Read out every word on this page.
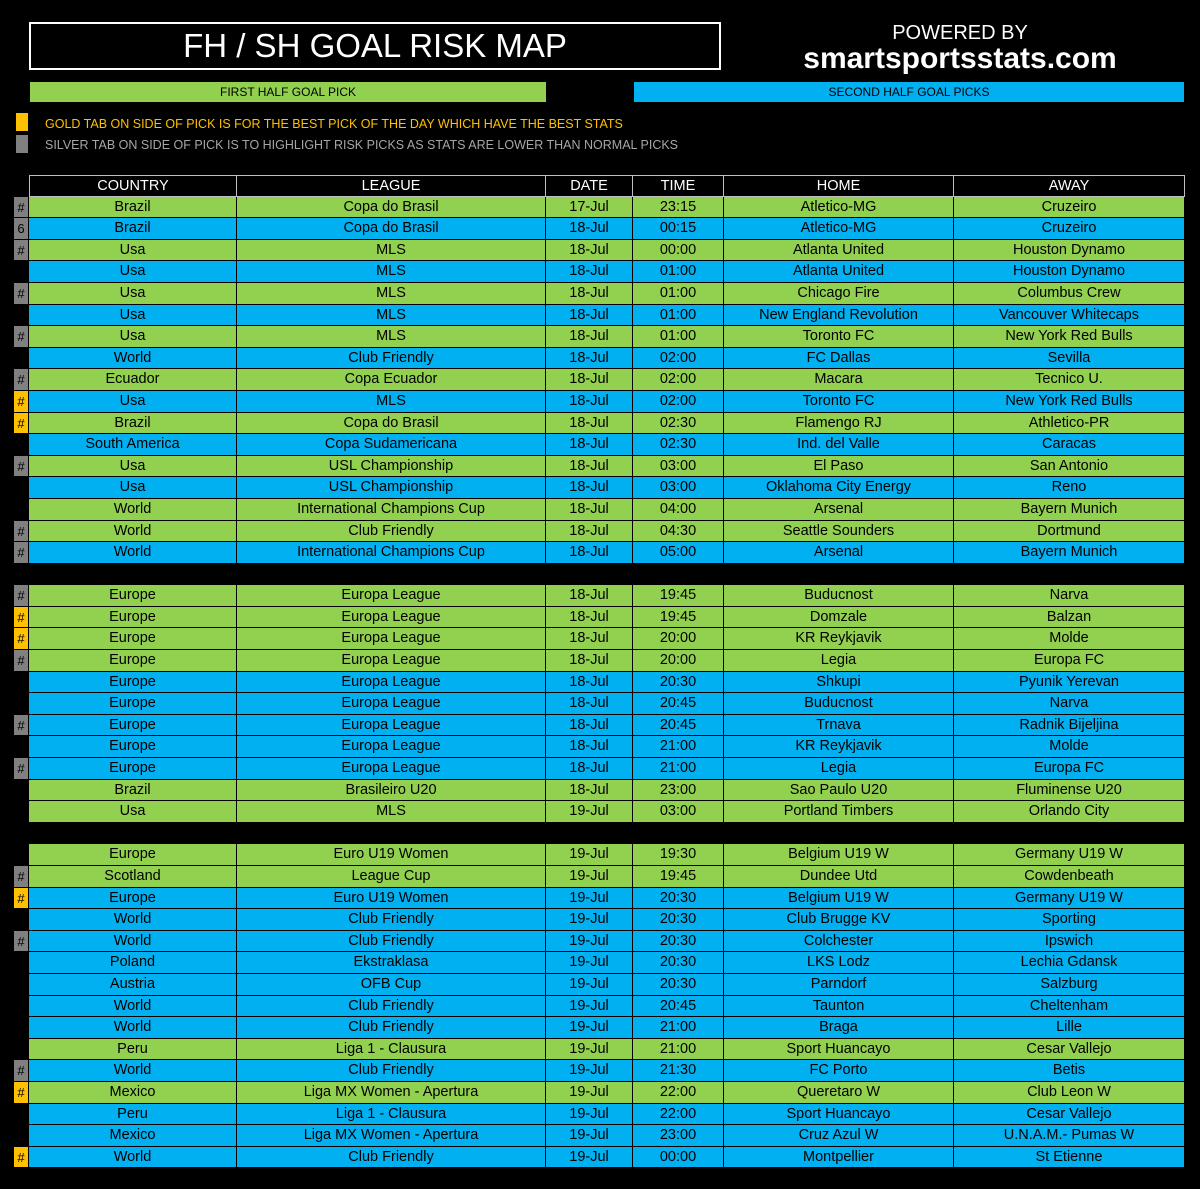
FH / SH GOAL RISK MAP	POWERED BY
smartsportsstats.com
FIRST HALF GOAL PICK	SECOND HALF GOAL PICKS
GOLD TAB ON SIDE OF PICK IS FOR THE BEST PICK OF THE DAY WHICH HAVE THE BEST STATS
SILVER TAB ON SIDE OF PICK IS TO HIGHLIGHT RISK PICKS AS STATS ARE LOWER THAN NORMAL PICKS
COUNTRY	LEAGUE	DATE	TIME	HOME	AWAY
#	Brazil	Copa do Brasil	17-Jul	23:15	Atletico-MG	Cruzeiro
6	Brazil	Copa do Brasil	18-Jul	00:15	Atletico-MG	Cruzeiro
#	Usa	MLS	18-Jul	00:00	Atlanta United	Houston Dynamo
Usa	MLS	18-Jul	01:00	Atlanta United	Houston Dynamo
#	Usa	MLS	18-Jul	01:00	Chicago Fire	Columbus Crew
Usa	MLS	18-Jul	01:00	New England Revolution	Vancouver Whitecaps
#	Usa	MLS	18-Jul	01:00	Toronto FC	New York Red Bulls
World	Club Friendly	18-Jul	02:00	FC Dallas	Sevilla
#	Ecuador	Copa Ecuador	18-Jul	02:00	Macara	Tecnico U.
#	Usa	MLS	18-Jul	02:00	Toronto FC	New York Red Bulls
#	Brazil	Copa do Brasil	18-Jul	02:30	Flamengo RJ	Athletico-PR
South America	Copa Sudamericana	18-Jul	02:30	Ind. del Valle	Caracas
#	Usa	USL Championship	18-Jul	03:00	El Paso	San Antonio
Usa	USL Championship	18-Jul	03:00	Oklahoma City Energy	Reno
World	International Champions Cup	18-Jul	04:00	Arsenal	Bayern Munich
#	World	Club Friendly	18-Jul	04:30	Seattle Sounders	Dortmund
#	World	International Champions Cup	18-Jul	05:00	Arsenal	Bayern Munich
#	Europe	Europa League	18-Jul	19:45	Buducnost	Narva
#	Europe	Europa League	18-Jul	19:45	Domzale	Balzan
#	Europe	Europa League	18-Jul	20:00	KR Reykjavik	Molde
#	Europe	Europa League	18-Jul	20:00	Legia	Europa FC
Europe	Europa League	18-Jul	20:30	Shkupi	Pyunik Yerevan
Europe	Europa League	18-Jul	20:45	Buducnost	Narva
#	Europe	Europa League	18-Jul	20:45	Trnava	Radnik Bijeljina
Europe	Europa League	18-Jul	21:00	KR Reykjavik	Molde
#	Europe	Europa League	18-Jul	21:00	Legia	Europa FC
Brazil	Brasileiro U20	18-Jul	23:00	Sao Paulo U20	Fluminense U20
Usa	MLS	19-Jul	03:00	Portland Timbers	Orlando City
Europe	Euro U19 Women	19-Jul	19:30	Belgium U19 W	Germany U19 W
#	Scotland	League Cup	19-Jul	19:45	Dundee Utd	Cowdenbeath
#	Europe	Euro U19 Women	19-Jul	20:30	Belgium U19 W	Germany U19 W
World	Club Friendly	19-Jul	20:30	Club Brugge KV	Sporting
#	World	Club Friendly	19-Jul	20:30	Colchester	Ipswich
Poland	Ekstraklasa	19-Jul	20:30	LKS Lodz	Lechia Gdansk
Austria	OFB Cup	19-Jul	20:30	Parndorf	Salzburg
World	Club Friendly	19-Jul	20:45	Taunton	Cheltenham
World	Club Friendly	19-Jul	21:00	Braga	Lille
Peru	Liga 1 - Clausura	19-Jul	21:00	Sport Huancayo	Cesar Vallejo
#	World	Club Friendly	19-Jul	21:30	FC Porto	Betis
#	Mexico	Liga MX Women - Apertura	19-Jul	22:00	Queretaro W	Club Leon W
Peru	Liga 1 - Clausura	19-Jul	22:00	Sport Huancayo	Cesar Vallejo
Mexico	Liga MX Women - Apertura	19-Jul	23:00	Cruz Azul W	U.N.A.M.- Pumas W
#	World	Club Friendly	19-Jul	00:00	Montpellier	St Etienne
